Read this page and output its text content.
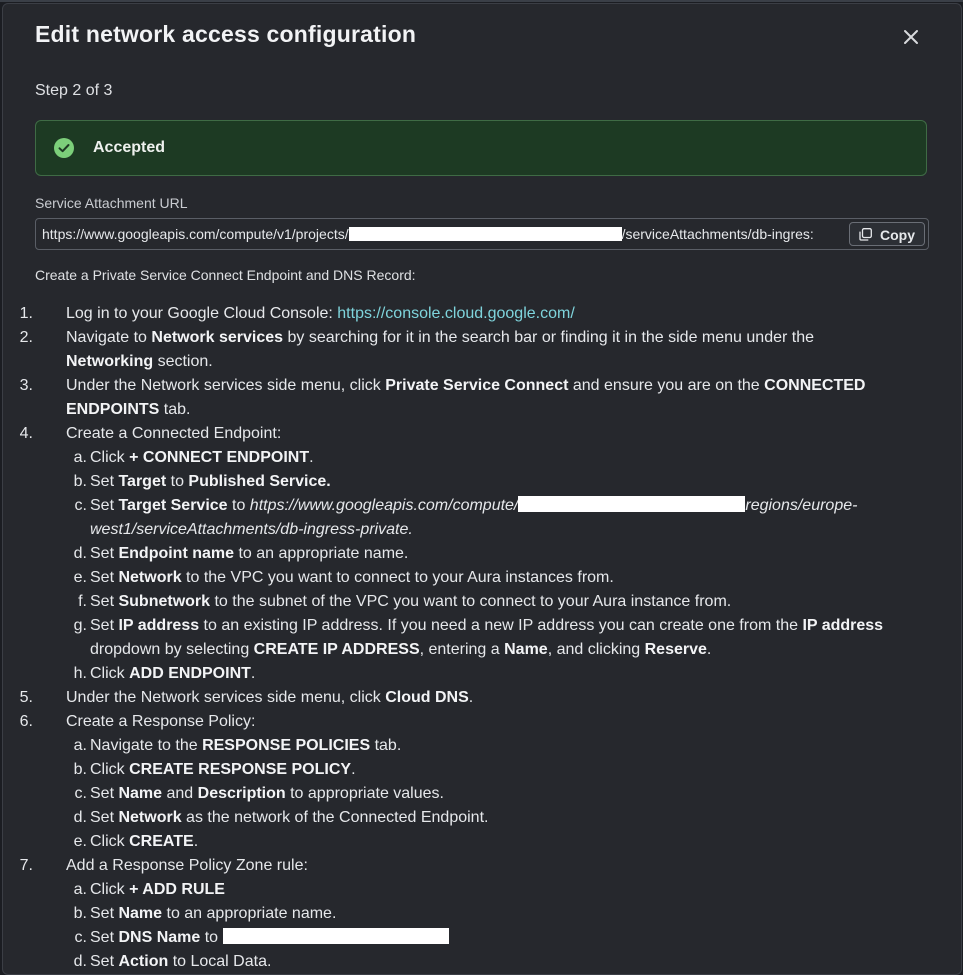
Edit network access configuration
Step 2 of 3
Accepted
Service Attachment URL
https://www.googleapis.com/compute/v1/projects/	/serviceAttachments/db-ingres:	Copy
Create a Private Service Connect Endpoint and DNS Record:
1. Log in to your Google Cloud Console: https://console.cloud.google.com/
2. Navigate to Network services by searching for it in the search bar or finding it in the side menu under the
Networking section.
3. Under the Network services side menu, click Private Service Connect and ensure you are on the CONNECTED
ENDPOINTS tab.
4. Create a Connected Endpoint:
a. Click + CONNECT ENDPOINT.
b. Set Target to Published Service.
c. Set Target Service to https://www.googleapis.com/compute/	regions/europe-
west1/serviceAttachments/db-ingress-private.
d. Set Endpoint name to an appropriate name.
e. Set Network to the VPC you want to connect to your Aura instances from.
f. Set Subnetwork to the subnet of the VPC you want to connect to your Aura instance from.
g. Set IP address to an existing IP address. If you need a new IP address you can create one from the IP address
dropdown by selecting CREATE IP ADDRESS, entering a Name, and clicking Reserve.
h. Click ADD ENDPOINT.
5. Under the Network services side menu, click Cloud DNS.
6. Create a Response Policy:
a. Navigate to the RESPONSE POLICIES tab.
b. Click CREATE RESPONSE POLICY.
c. Set Name and Description to appropriate values.
d. Set Network as the network of the Connected Endpoint.
e. Click CREATE.
7. Add a Response Policy Zone rule:
a. Click + ADD RULE
b. Set Name to an appropriate name.
c. Set DNS Name to
d. Set Action to Local Data.
